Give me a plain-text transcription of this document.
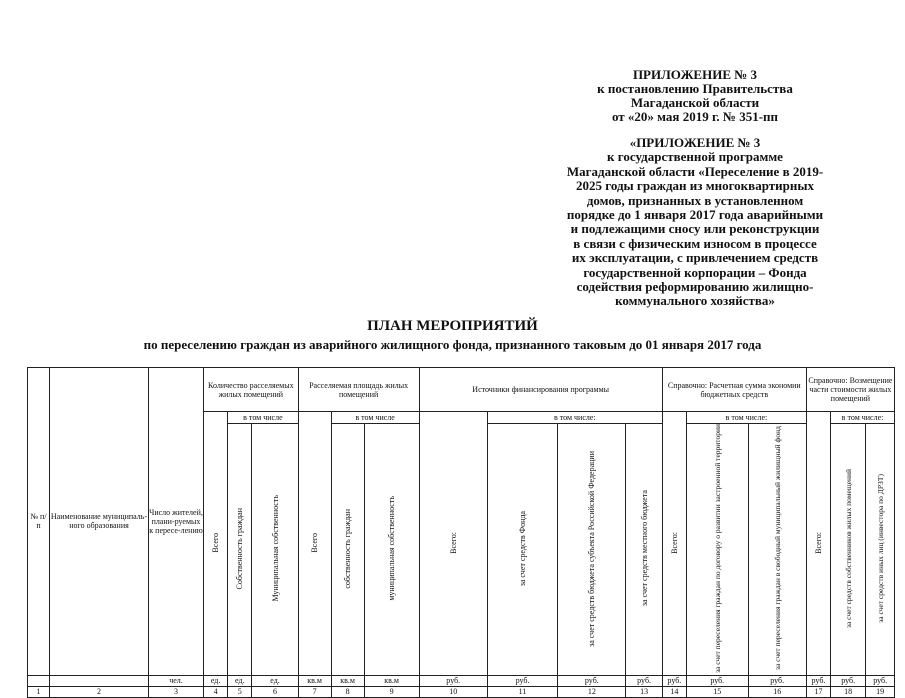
ПРИЛОЖЕНИЕ № 3
к постановлению Правительства
Магаданской области
от «20» мая 2019 г. № 351-пп
«ПРИЛОЖЕНИЕ № 3
к государственной программе
Магаданской области «Переселение в 2019-
2025 годы граждан из многоквартирных
домов, признанных в установленном
порядке до 1 января 2017 года аварийными
и подлежащими сносу или реконструкции
в связи с физическим износом в процессе
их эксплуатации, с привлечением средств
государственной корпорации – Фонда
содействия реформированию жилищно-
коммунального хозяйства»
ПЛАН МЕРОПРИЯТИЙ
по переселению граждан из аварийного жилищного фонда, признанного таковым до 01 января 2017 года
№ п/ п	Наименование муниципаль-ного образования	Число жителей, плани-руемых к пересе-лению	Количество расселяемых жилых помещений			Расселяемая площадь жилых помещений			Источники финансирования программы				Справочно: Расчетная сумма экономии бюджетных средств			Справочно: Возмещение части стоимости жилых помещений		
			Всего	в том числе		Всего	в том числе		Всего:	в том числе:			Всего:	в том числе:		Всего:	в том числе:	
				Собственность граждан	Муниципальная собственность		собственность граждан	муниципальная собственность		за счет средств Фонда	за счет средств бюджета субъекта Российской Федерации	за счет средств местного бюджета		за счет переселения граждан по договору о развитии застроенной территории	за счет переселения граждан в свободный муниципальный жилищный фонд		за счет средств собственников жилых помещений	за счет средств иных лиц (инвестора по ДРЗТ)
		чел.	ед.	ед.	ед.	кв.м	кв.м	кв.м	руб.	руб.	руб.	руб.	руб.	руб.	руб.	руб.	руб.	руб.
1	2	3	4	5	6	7	8	9	10	11	12	13	14	15	16	17	18	19
